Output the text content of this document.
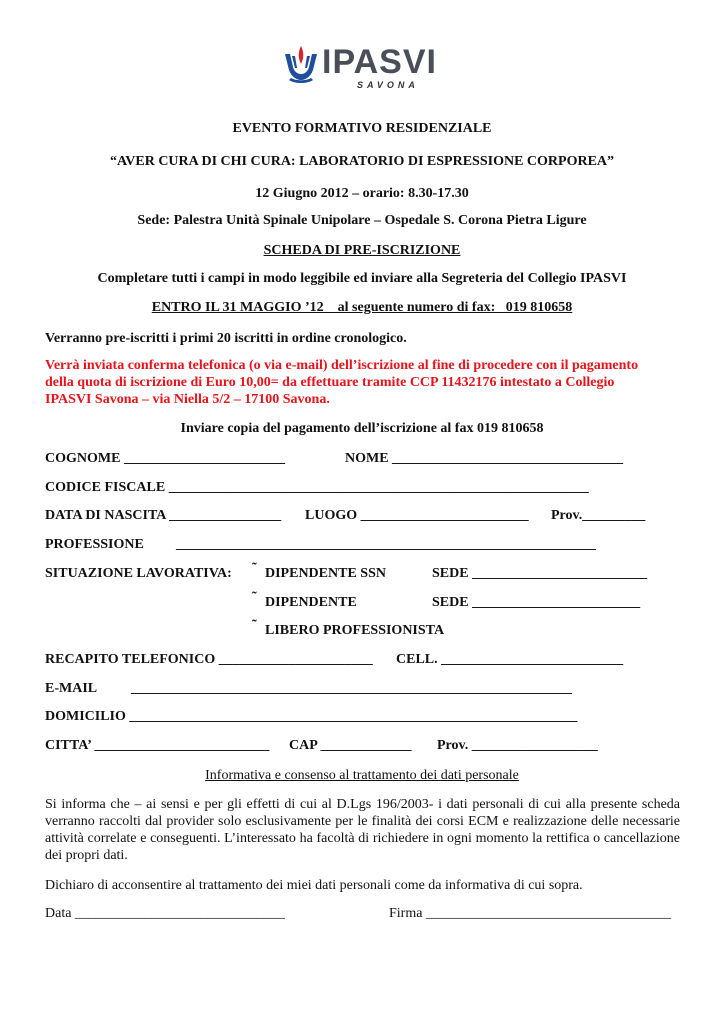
IPASVI
SAVONA
EVENTO FORMATIVO RESIDENZIALE
“AVER CURA DI CHI CURA: LABORATORIO DI ESPRESSIONE CORPOREA”
12 Giugno 2012 – orario: 8.30-17.30
Sede: Palestra Unità Spinale Unipolare – Ospedale S. Corona Pietra Ligure
SCHEDA DI PRE-ISCRIZIONE
Completare tutti i campi in modo leggibile ed inviare alla Segreteria del Collegio IPASVI
ENTRO IL 31 MAGGIO ’12    al seguente numero di fax:   019 810658
Verranno pre-iscritti i primi 20 iscritti in ordine cronologico.
Verrà inviata conferma telefonica (o via e-mail) dell’iscrizione al fine di procedere con il pagamento
della quota di iscrizione di Euro 10,00= da effettuare tramite CCP 11432176 intestato a Collegio
IPASVI Savona – via Niella 5/2 – 17100 Savona.
Inviare copia del pagamento dell’iscrizione al fax 019 810658
COGNOME _______________________	NOME _________________________________
CODICE FISCALE ____________________________________________________________
DATA DI NASCITA ________________ LUOGO ________________________ Prov._________
PROFESSIONE ____________________________________________________________
SITUAZIONE LAVORATIVA: ˜ DIPENDENTE SSN	SEDE _________________________
˜ DIPENDENTE	SEDE ________________________
˜ LIBERO PROFESSIONISTA
RECAPITO TELEFONICO ______________________ CELL. __________________________
E-MAIL _______________________________________________________________
DOMICILIO ________________________________________________________________
CITTA’ _________________________ CAP _____________ Prov. __________________
Informativa e consenso al trattamento dei dati personale
Si informa che – ai sensi e per gli effetti di cui al D.Lgs 196/2003- i dati personali di cui alla presente scheda verranno raccolti dal provider solo esclusivamente per le finalità dei corsi ECM e realizzazione delle necessarie attività correlate e conseguenti. L’interessato ha facoltà di richiedere in ogni momento la rettifica o cancellazione dei propri dati.
Dichiaro di acconsentire al trattamento dei miei dati personali come da informativa di cui sopra.
Data ______________________________	Firma ___________________________________
